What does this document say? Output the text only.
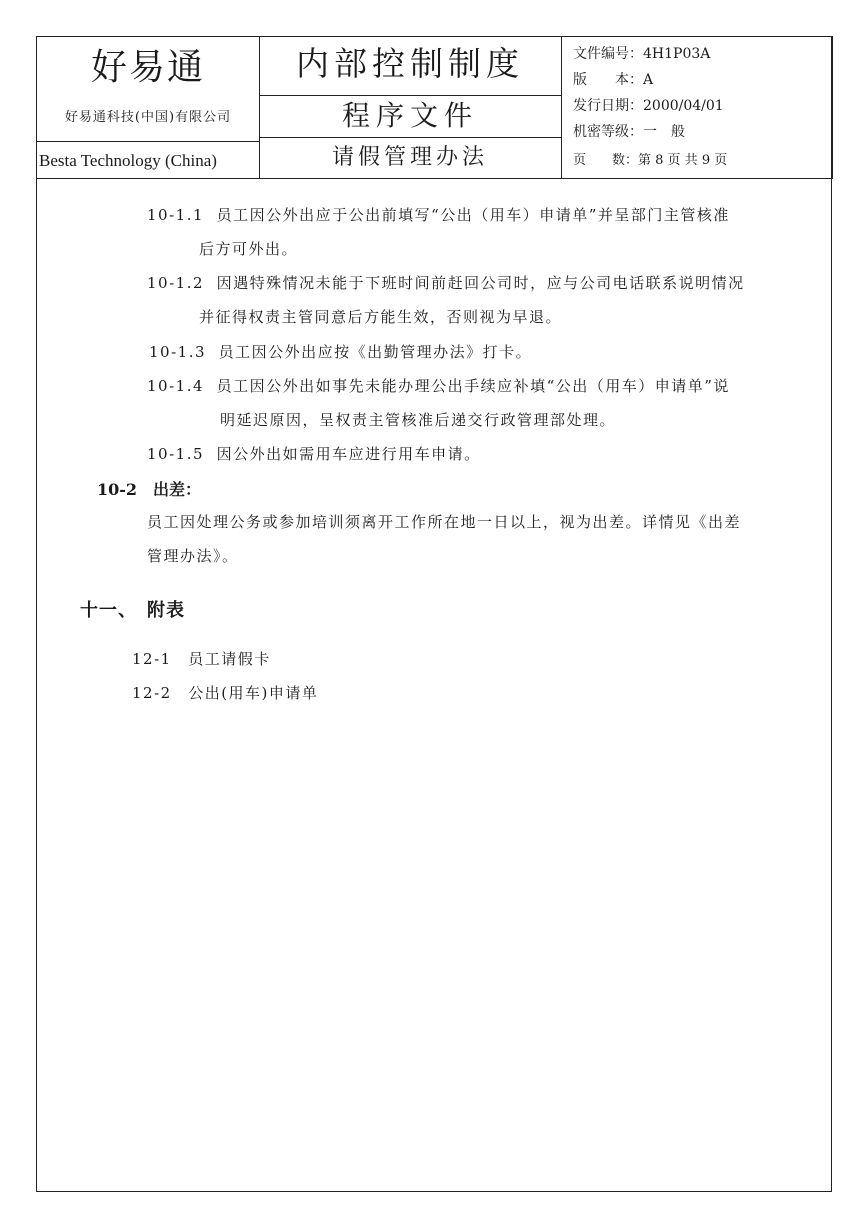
好易通
好易通科技(中国)有限公司
Besta Technology (China)
内部控制制度
程序文件
请假管理办法
文件编号：4H1P03A
版　　本：A
发行日期：2000/04/01
机密等级：一　般
页　　数：第 8 页 共 9 页
10-1.1 员工因公外出应于公出前填写“公出（用车）申请单”并呈部门主管核准
后方可外出。
10-1.2 因遇特殊情况未能于下班时间前赶回公司时，应与公司电话联系说明情况
并征得权责主管同意后方能生效，否则视为早退。
10-1.3 员工因公外出应按《出勤管理办法》打卡。
10-1.4 员工因公外出如事先未能办理公出手续应补填“公出（用车）申请单”说
明延迟原因，呈权责主管核准后递交行政管理部处理。
10-1.5 因公外出如需用车应进行用车申请。
10-2　出差：
员工因处理公务或参加培训须离开工作所在地一日以上，视为出差。详情见《出差
管理办法》。
十一、　附表
12-1　员工请假卡
12-2　公出(用车)申请单
